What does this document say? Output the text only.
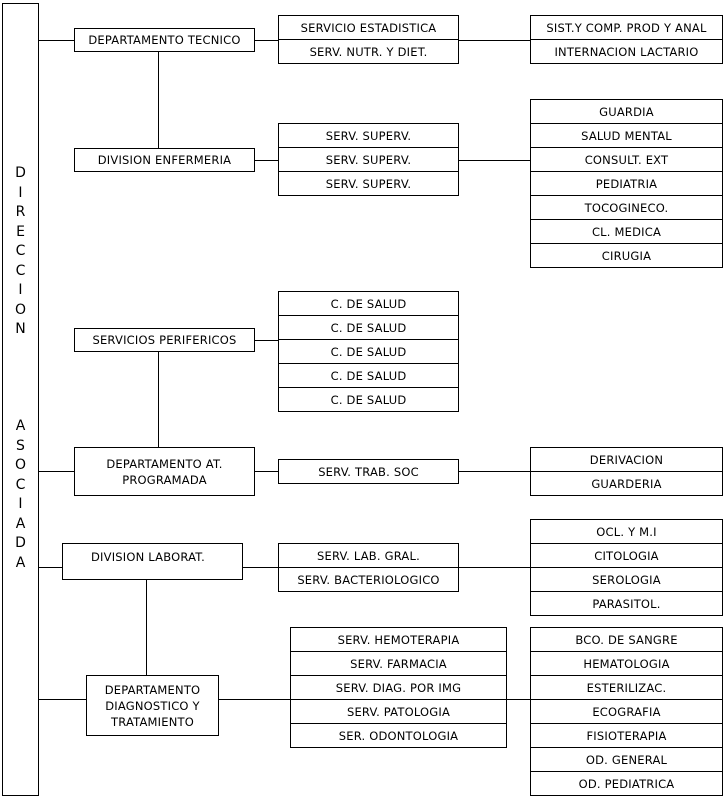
D
I
R
E
C
C
I
O
N
A
S
O
C
I
A
D
A
DEPARTAMENTO TECNICO
SERVICIO ESTADISTICA
SERV. NUTR. Y DIET.
SIST.Y COMP. PROD Y ANAL
INTERNACION LACTARIO
DIVISION ENFERMERIA
SERV. SUPERV.
SERV. SUPERV.
SERV. SUPERV.
GUARDIA
SALUD MENTAL
CONSULT. EXT
PEDIATRIA
TOCOGINECO.
CL. MEDICA
CIRUGIA
SERVICIOS PERIFERICOS
C. DE SALUD
C. DE SALUD
C. DE SALUD
C. DE SALUD
C. DE SALUD
DEPARTAMENTO AT.
PROGRAMADA
SERV. TRAB. SOC
DERIVACION
GUARDERIA
DIVISION LABORAT.	SERV. LAB. GRAL.
SERV. BACTERIOLOGICO
OCL. Y M.I
CITOLOGIA
SEROLOGIA
PARASITOL.
DEPARTAMENTO
DIAGNOSTICO Y
TRATAMIENTO
SERV. HEMOTERAPIA
SERV. FARMACIA
SERV. DIAG. POR IMG
SERV. PATOLOGIA
SER. ODONTOLOGIA
BCO. DE SANGRE
HEMATOLOGIA
ESTERILIZAC.
ECOGRAFIA
FISIOTERAPIA
OD. GENERAL
OD. PEDIATRICA
